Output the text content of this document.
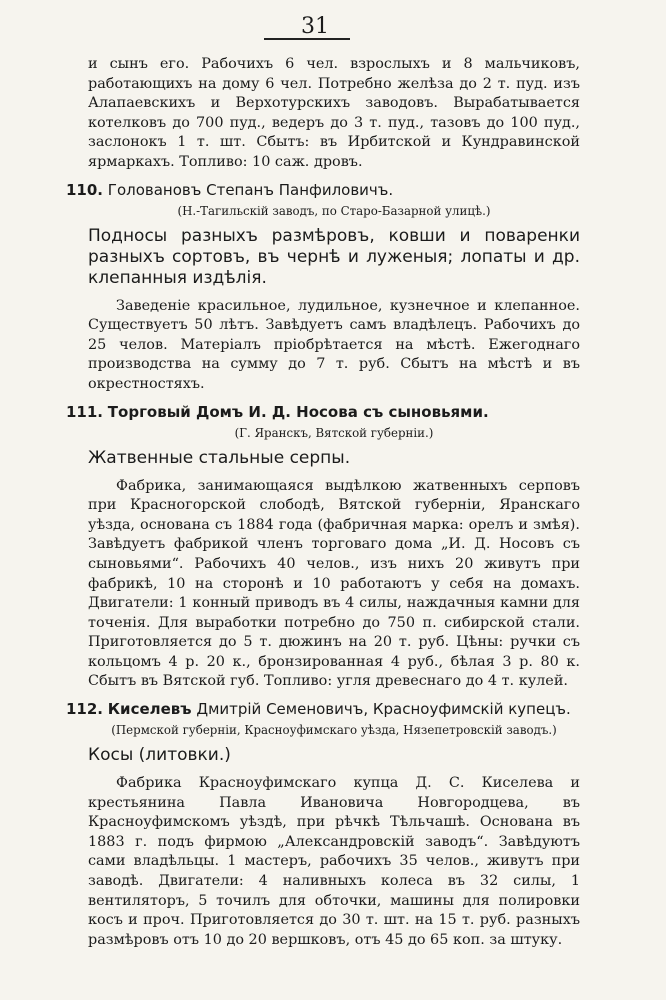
31

и сынъ его. Рабочихъ 6 чел. взрослыхъ и 8 мальчиковъ, работающихъ на дому 6 чел. Потребно желѣза до 2 т. пуд. изъ Алапаевскихъ и Верхотурскихъ заводовъ. Вырабатывается котелковъ до 700 пуд., ведеръ до 3 т. пуд., тазовъ до 100 пуд., заслонокъ 1 т. шт. Сбытъ: въ Ирбитской и Кундравинской ярмаркахъ. Топливо: 10 саж. дровъ.

110. Головановъ Степанъ Панфиловичъ.
(Н.-Тагильскій заводъ, по Старо-Базарной улицѣ.)
Подносы разныхъ размѣровъ, ковши и поваренки разныхъ сортовъ, въ чернѣ и луженыя; лопаты и др. клепанныя издѣлія.

Заведеніе красильное, лудильное, кузнечное и клепанное. Существуетъ 50 лѣтъ. Завѣдуетъ самъ владѣлецъ. Рабочихъ до 25 челов. Матеріалъ пріобрѣтается на мѣстѣ. Ежегоднаго производства на сумму до 7 т. руб. Сбытъ на мѣстѣ и въ окрестностяхъ.

111. Торговый Домъ И. Д. Носова съ сыновьями.
(Г. Яранскъ, Вятской губерніи.)
Жатвенные стальные серпы.

Фабрика, занимающаяся выдѣлкою жатвенныхъ серповъ при Красногорской слободѣ, Вятской губерніи, Яранскаго уѣзда, основана съ 1884 года (фабричная марка: орелъ и змѣя). Завѣдуетъ фабрикой членъ торговаго дома „И. Д. Носовъ съ сыновьями“. Рабочихъ 40 челов., изъ нихъ 20 живутъ при фабрикѣ, 10 на сторонѣ и 10 работаютъ у себя на домахъ. Двигатели: 1 конный приводъ въ 4 силы, наждачныя камни для точенія. Для выработки потребно до 750 п. сибирской стали. Приготовляется до 5 т. дюжинъ на 20 т. руб. Цѣны: ручки съ кольцомъ 4 р. 20 к., бронзированная 4 руб., бѣлая 3 р. 80 к. Сбытъ въ Вятской губ. Топливо: угля древеснаго до 4 т. кулей.

112. Киселевъ Дмитрій Семеновичъ, Красноуфимскій купецъ.
(Пермской губерніи, Красноуфимскаго уѣзда, Нязепетровскій заводъ.)
Косы (литовки.)

Фабрика Красноуфимскаго купца Д. С. Киселева и крестьянина Павла Ивановича Новгородцева, въ Красноуфимскомъ уѣздѣ, при рѣчкѣ Тѣльчашѣ. Основана въ 1883 г. подъ фирмою „Александровскій заводъ“. Завѣдуютъ сами владѣльцы. 1 мастеръ, рабочихъ 35 челов., живутъ при заводѣ. Двигатели: 4 наливныхъ колеса въ 32 силы, 1 вентиляторъ, 5 точилъ для обточки, машины для полировки косъ и проч. Приготовляется до 30 т. шт. на 15 т. руб. разныхъ размѣровъ отъ 10 до 20 вершковъ, отъ 45 до 65 коп. за штуку.
